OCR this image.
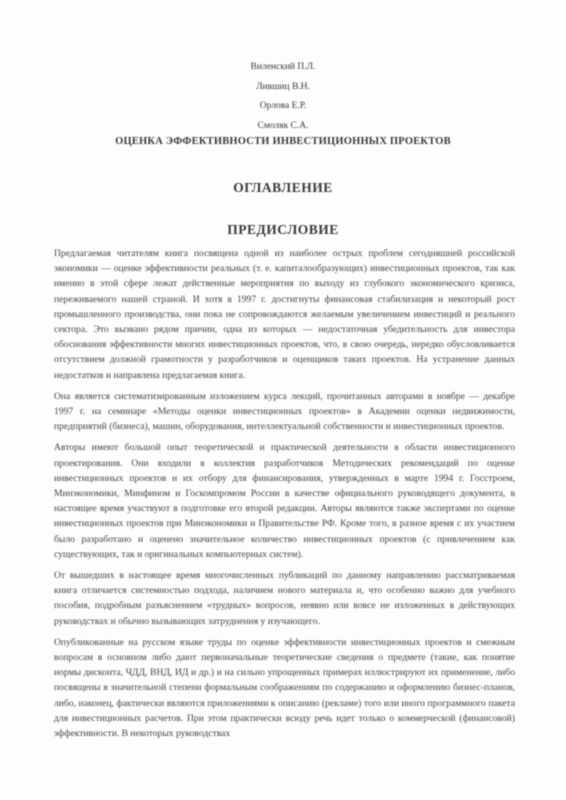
Виленский П.Л.
Лившиц В.Н.
Орлова Е.Р.
Смоляк С.А.
ОЦЕНКА ЭФФЕКТИВНОСТИ ИНВЕСТИЦИОННЫХ ПРОЕКТОВ
ОГЛАВЛЕНИЕ
ПРЕДИСЛОВИЕ

Предлагаемая читателям книга посвящена одной из наиболее острых проблем сегодняшней российской экономики — оценке эффективности реальных (т. е. капиталообразующих) инвестиционных проектов, так как именно в этой сфере лежат действенные мероприятия по выходу из глубокого экономического кризиса, переживаемого нашей страной. И хотя в 1997 г. достигнуты финансовая стабилизация и некоторый рост промышленного производства, они пока не сопровождаются желаемым увеличением инвестиций и реального сектора. Это вызвано рядом причин, одна из которых — недостаточная убедительность для инвестора обоснования эффективности многих инвестиционных проектов, что, в свою очередь, нередко обусловливается отсутствием должной грамотности у разработчиков и оценщиков таких проектов. На устранение данных недостатков и направлена предлагаемая книга.

Она является систематизированным изложением курса лекций, прочитанных авторами в ноябре — декабре 1997 г. на семинаре «Методы оценки инвестиционных проектов» в Академии оценки недвижимости, предприятий (бизнеса), машин, оборудования, интеллектуальной собственности и инвестиционных проектов.

Авторы имеют большой опыт теоретической и практической деятельности в области инвестиционного проектирования. Они входили в коллектив разработчиков Методических рекомендаций по оценке инвестиционных проектов и их отбору для финансирования, утвержденных в марте 1994 г. Госстроем, Минэкономики, Минфином и Госкомпромом России в качестве официального руководящего документа, в настоящее время участвуют в подготовке его второй редакции. Авторы являются также экспертами по оценке инвестиционных проектов при Минэкономики и Правительстве РФ. Кроме того, в разное время с их участием было разработано и оценено значительное количество инвестиционных проектов (с привлечением как существующих, так и оригинальных компьютерных систем).

От вышедших в настоящее время многочисленных публикаций по данному направлению рассматриваемая книга отличается системностью подхода, наличием нового материала и, что особенно важно для учебного пособия, подробным разъяснением «трудных» вопросов, неявно или вовсе не изложенных в действующих руководствах и обычно вызывающих затруднения у изучающего.

Опубликованные на русском языке труды по оценке эффективности инвестиционных проектов и смежным вопросам в основном либо дают первоначальные теоретические сведения о предмете (такие, как понятие нормы дисконта, ЧДД, ВНД, ИД и др.) и на сильно упрощенных примерах иллюстрируют их применение, либо посвящены в значительной степени формальным соображениям по содержанию и оформлению бизнес-планов, либо, наконец, фактически являются приложениями к описанию (рекламе) того или иного программного пакета для инвестиционных расчетов. При этом практически всюду речь идет только о коммерческой (финансовой) эффективности. В некоторых руководствах
